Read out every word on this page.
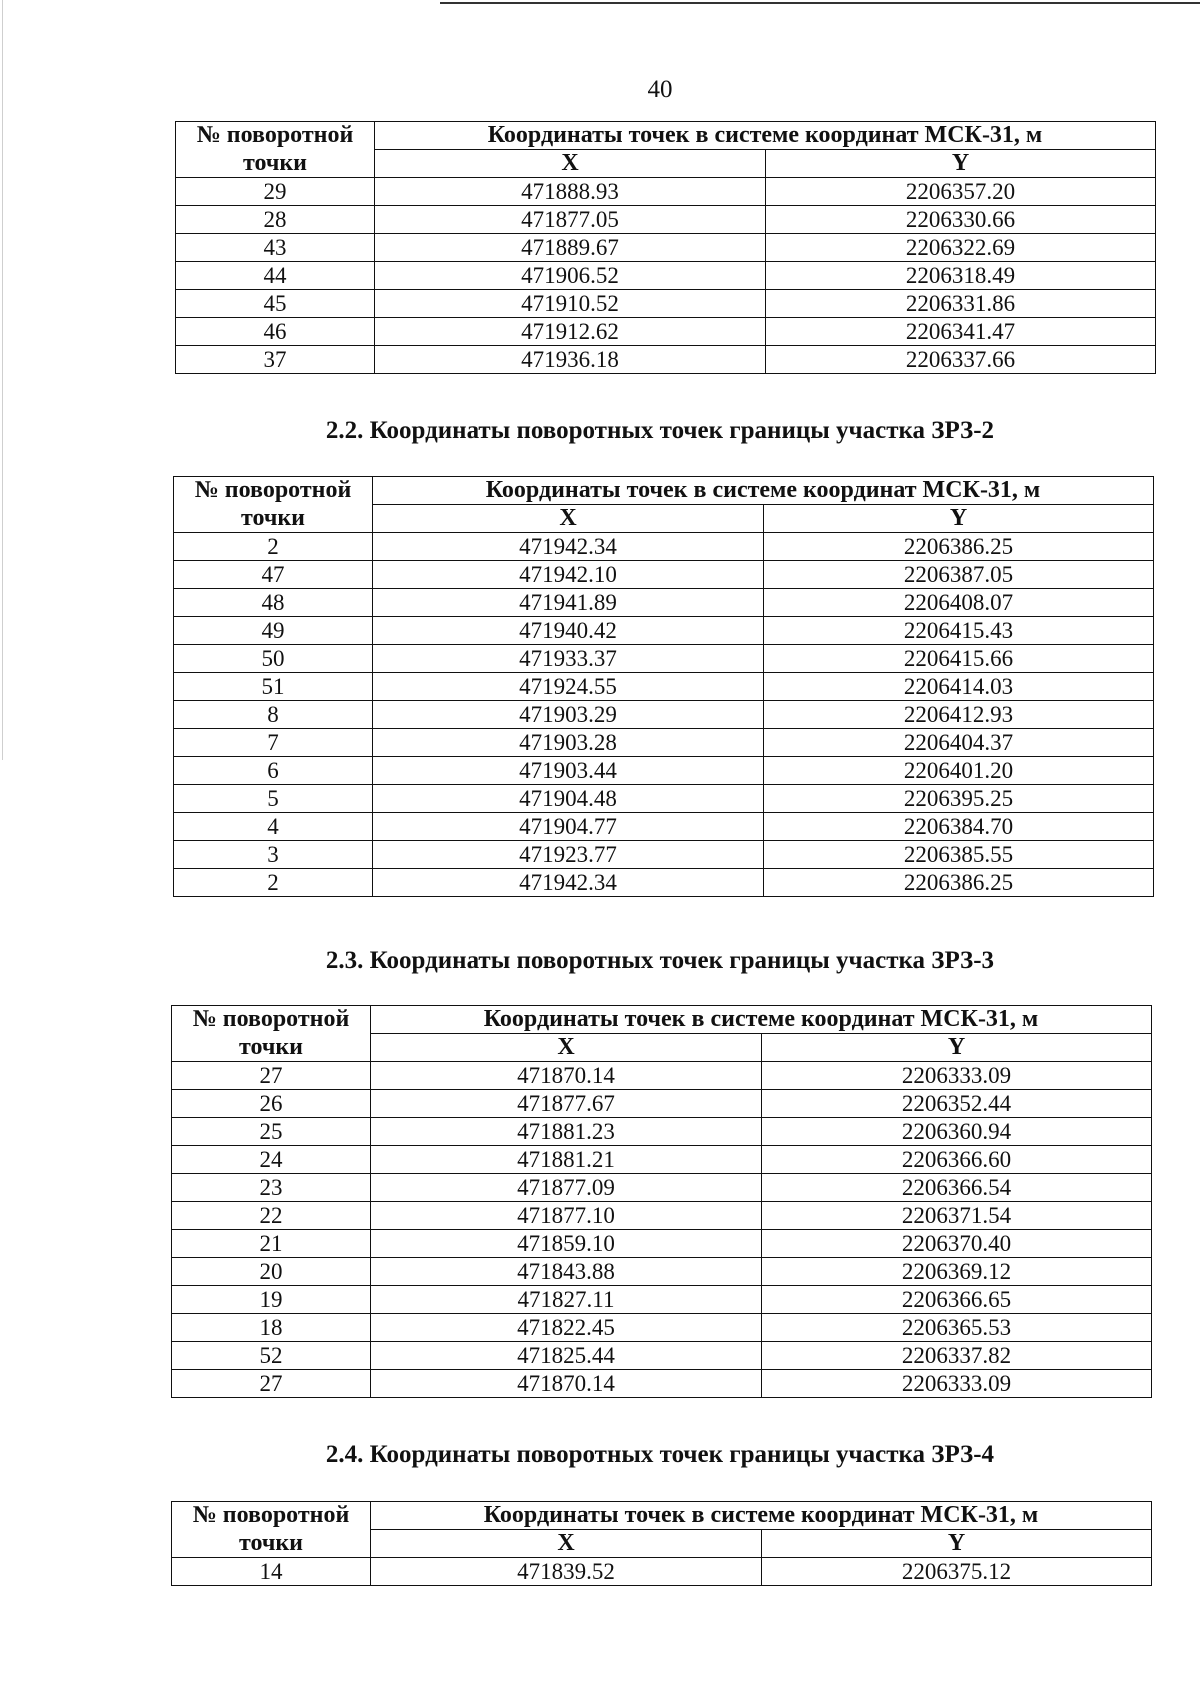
40
№ поворотной	Координаты точек в системе координат МСК-31, м	
точки	X	Y
29	471888.93	2206357.20
28	471877.05	2206330.66
43	471889.67	2206322.69
44	471906.52	2206318.49
45	471910.52	2206331.86
46	471912.62	2206341.47
37	471936.18	2206337.66
2.2. Координаты поворотных точек границы участка ЗРЗ-2
№ поворотной	Координаты точек в системе координат МСК-31, м	
точки	X	Y
2	471942.34	2206386.25
47	471942.10	2206387.05
48	471941.89	2206408.07
49	471940.42	2206415.43
50	471933.37	2206415.66
51	471924.55	2206414.03
8	471903.29	2206412.93
7	471903.28	2206404.37
6	471903.44	2206401.20
5	471904.48	2206395.25
4	471904.77	2206384.70
3	471923.77	2206385.55
2	471942.34	2206386.25
2.3. Координаты поворотных точек границы участка ЗРЗ-3
№ поворотной	Координаты точек в системе координат МСК-31, м	
точки	X	Y
27	471870.14	2206333.09
26	471877.67	2206352.44
25	471881.23	2206360.94
24	471881.21	2206366.60
23	471877.09	2206366.54
22	471877.10	2206371.54
21	471859.10	2206370.40
20	471843.88	2206369.12
19	471827.11	2206366.65
18	471822.45	2206365.53
52	471825.44	2206337.82
27	471870.14	2206333.09
2.4. Координаты поворотных точек границы участка ЗРЗ-4
№ поворотной	Координаты точек в системе координат МСК-31, м	
точки	X	Y
14	471839.52	2206375.12
